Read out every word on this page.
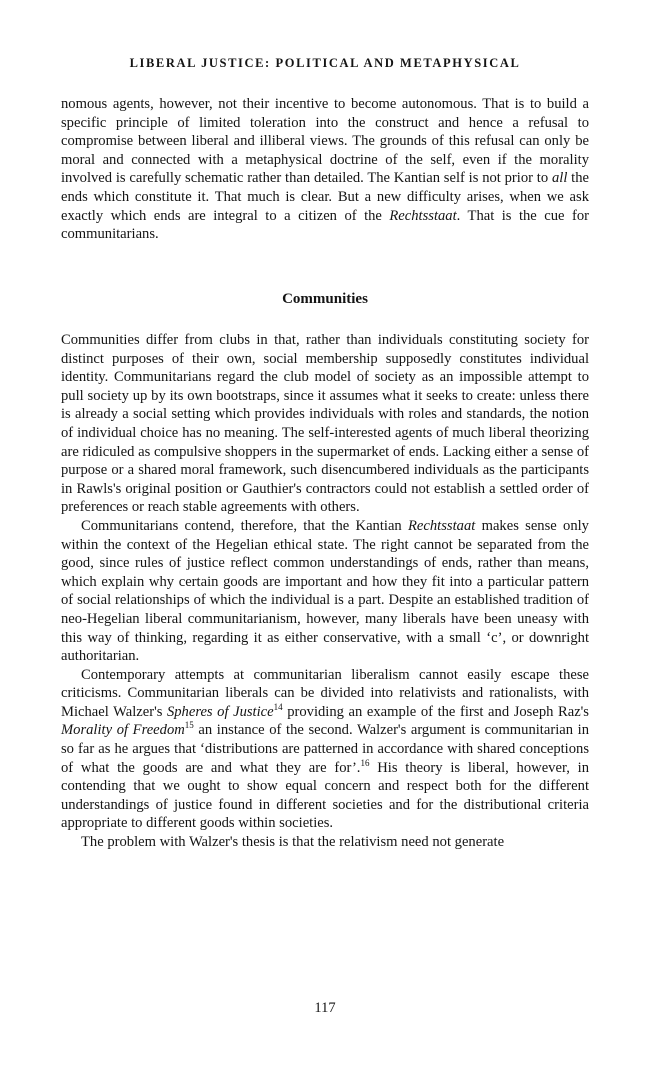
LIBERAL JUSTICE: POLITICAL AND METAPHYSICAL

nomous agents, however, not their incentive to become autonomous. That is to build a specific principle of limited toleration into the construct and hence a refusal to compromise between liberal and illiberal views. The grounds of this refusal can only be moral and connected with a metaphysical doctrine of the self, even if the morality involved is carefully schematic rather than detailed. The Kantian self is not prior to all the ends which constitute it. That much is clear. But a new difficulty arises, when we ask exactly which ends are integral to a citizen of the Rechtsstaat. That is the cue for communitarians.

Communities

Communities differ from clubs in that, rather than individuals constituting society for distinct purposes of their own, social membership supposedly constitutes individual identity. Communitarians regard the club model of society as an impossible attempt to pull society up by its own bootstraps, since it assumes what it seeks to create: unless there is already a social setting which provides individuals with roles and standards, the notion of individual choice has no meaning. The self-interested agents of much liberal theorizing are ridiculed as compulsive shoppers in the supermarket of ends. Lacking either a sense of purpose or a shared moral framework, such disencumbered individuals as the participants in Rawls's original position or Gauthier's contractors could not establish a settled order of preferences or reach stable agreements with others.

Communitarians contend, therefore, that the Kantian Rechtsstaat makes sense only within the context of the Hegelian ethical state. The right cannot be separated from the good, since rules of justice reflect common understandings of ends, rather than means, which explain why certain goods are important and how they fit into a particular pattern of social relationships of which the individual is a part. Despite an established tradition of neo-Hegelian liberal communitarianism, however, many liberals have been uneasy with this way of thinking, regarding it as either conservative, with a small ‘c’, or downright authoritarian.

Contemporary attempts at communitarian liberalism cannot easily escape these criticisms. Communitarian liberals can be divided into relativists and rationalists, with Michael Walzer's Spheres of Justice$^{14}$ providing an example of the first and Joseph Raz's Morality of Freedom$^{15}$ an instance of the second. Walzer's argument is communitarian in so far as he argues that ‘distributions are patterned in accordance with shared conceptions of what the goods are and what they are for’.$^{16}$ His theory is liberal, however, in contending that we ought to show equal concern and respect both for the different understandings of justice found in different societies and for the distributional criteria appropriate to different goods within societies.

The problem with Walzer's thesis is that the relativism need not generate

117
